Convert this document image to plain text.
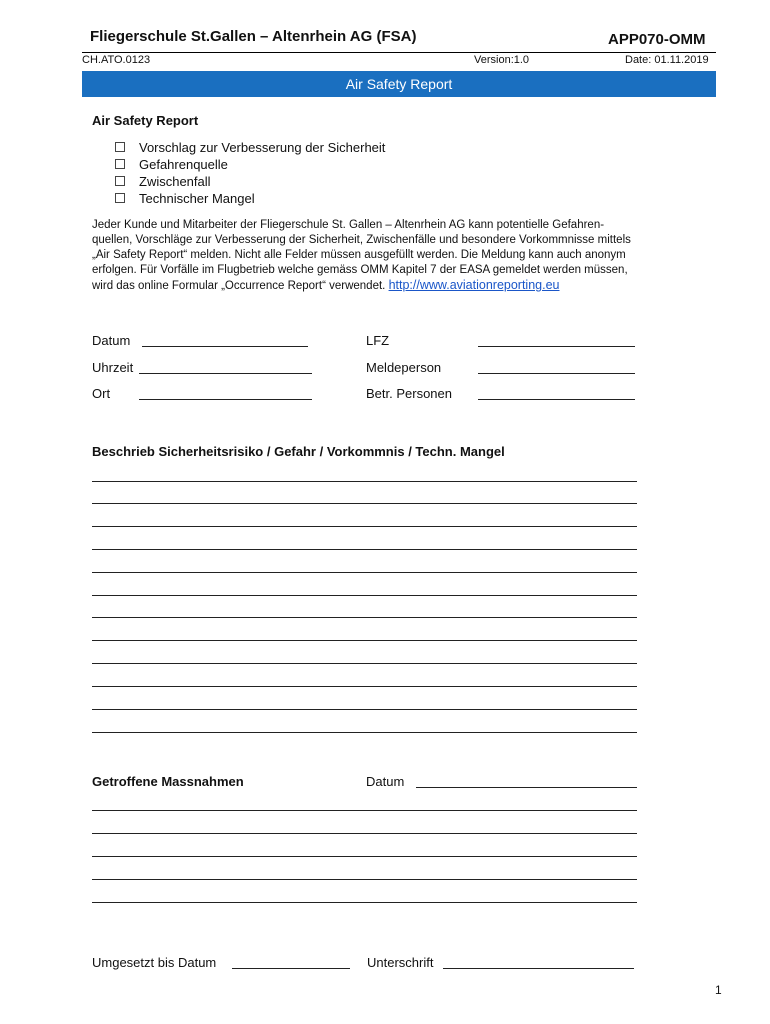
Fliegerschule St.Gallen – Altenrhein AG (FSA)	APP070-OMM
CH.ATO.0123	Version:1.0	Date: 01.11.2019
Air Safety Report
Air Safety Report
Vorschlag zur Verbesserung der Sicherheit
Gefahrenquelle
Zwischenfall
Technischer Mangel
Jeder Kunde und Mitarbeiter der Fliegerschule St. Gallen – Altenrhein AG kann potentielle Gefahren-
quellen, Vorschläge zur Verbesserung der Sicherheit, Zwischenfälle und besondere Vorkommnisse mittels
„Air Safety Report“ melden. Nicht alle Felder müssen ausgefüllt werden. Die Meldung kann auch anonym
erfolgen. Für Vorfälle im Flugbetrieb welche gemäss OMM Kapitel 7 der EASA gemeldet werden müssen,
wird das online Formular „Occurrence Report“ verwendet. http://www.aviationreporting.eu
Datum	LFZ
Uhrzeit	Meldeperson
Ort	Betr. Personen
Beschrieb Sicherheitsrisiko / Gefahr / Vorkommnis / Techn. Mangel
Getroffene Massnahmen	Datum
Umgesetzt bis Datum	Unterschrift
1
